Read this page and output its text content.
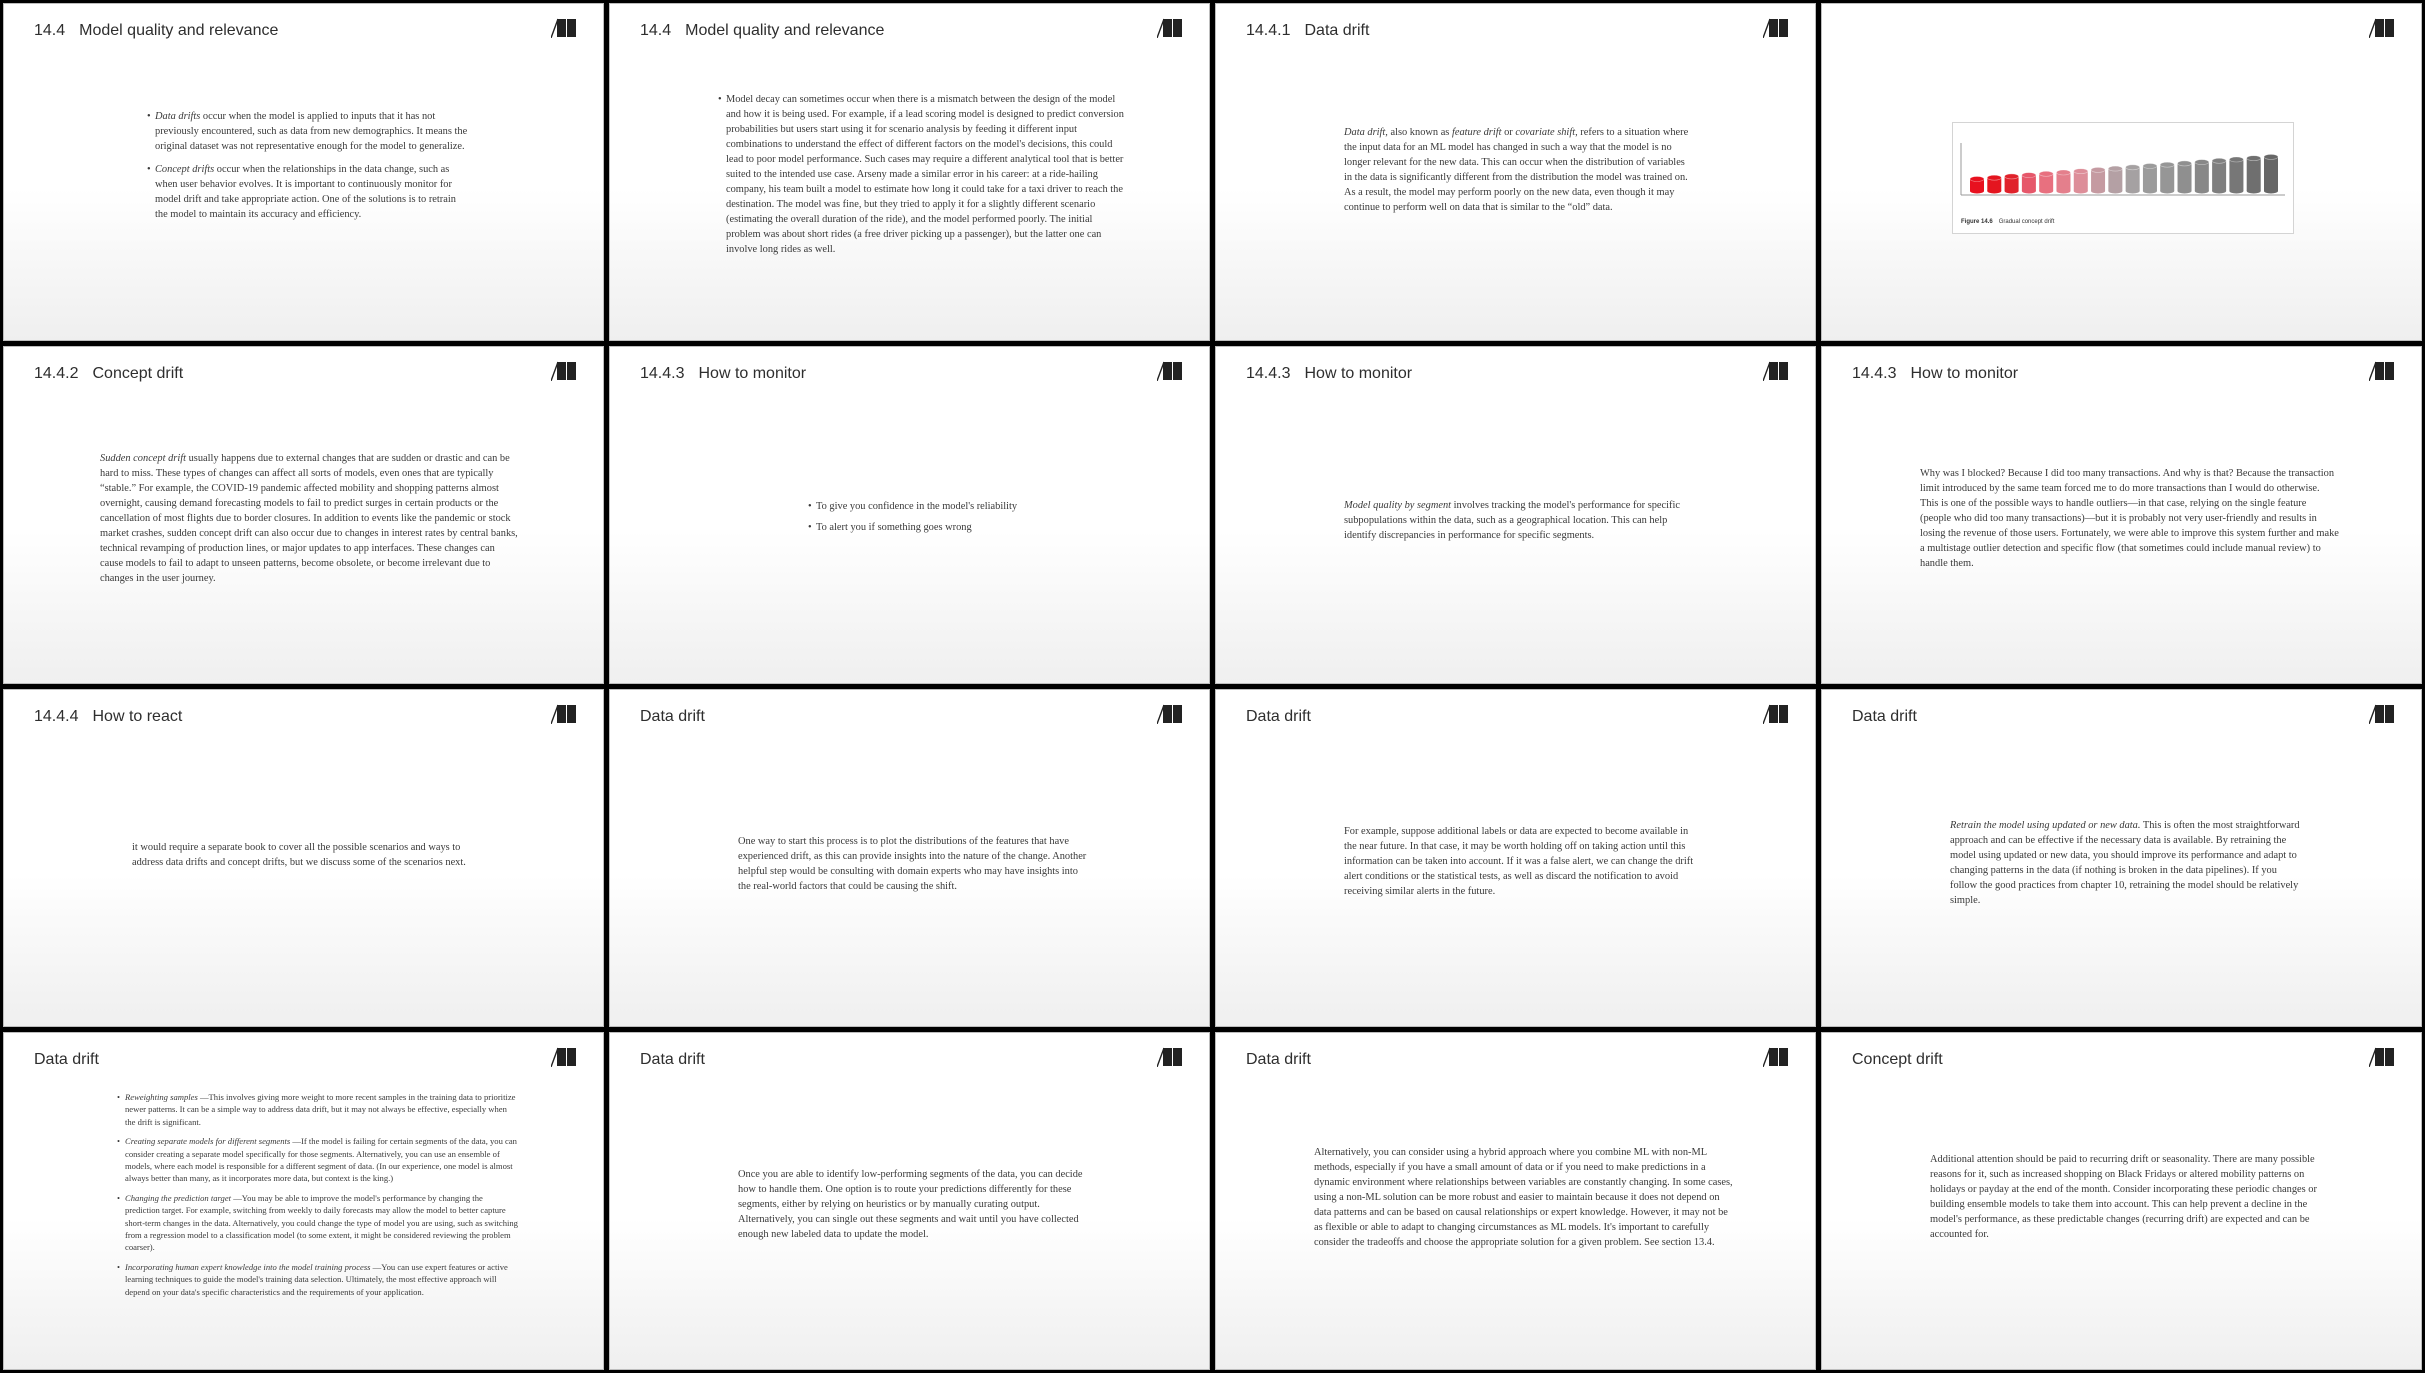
14.4 Model quality and relevance
• Data drifts occur when the model is applied to inputs that it has not previously encountered, such as data from new demographics. It means the original dataset was not representative enough for the model to generalize.
• Concept drifts occur when the relationships in the data change, such as when user behavior evolves. It is important to continuously monitor for model drift and take appropriate action. One of the solutions is to retrain the model to maintain its accuracy and efficiency.
14.4 Model quality and relevance
• Model decay can sometimes occur when there is a mismatch between the design of the model and how it is being used. For example, if a lead scoring model is designed to predict conversion probabilities but users start using it for scenario analysis by feeding it different input combinations to understand the effect of different factors on the model's decisions, this could lead to poor model performance. Such cases may require a different analytical tool that is better suited to the intended use case. Arseny made a similar error in his career: at a ride-hailing company, his team built a model to estimate how long it could take for a taxi driver to reach the destination. The model was fine, but they tried to apply it for a slightly different scenario (estimating the overall duration of the ride), and the model performed poorly. The initial problem was about short rides (a free driver picking up a passenger), but the latter one can involve long rides as well.
14.4.1 Data drift

Data drift, also known as feature drift or covariate shift, refers to a situation where the input data for an ML model has changed in such a way that the model is no longer relevant for the new data. This can occur when the distribution of variables in the data is significantly different from the distribution the model was trained on. As a result, the model may perform poorly on the new data, even though it may continue to perform well on data that is similar to the “old” data.

Figure 14.6 Gradual concept drift
14.4.2 Concept drift

Sudden concept drift usually happens due to external changes that are sudden or drastic and can be hard to miss. These types of changes can affect all sorts of models, even ones that are typically “stable.” For example, the COVID-19 pandemic affected mobility and shopping patterns almost overnight, causing demand forecasting models to fail to predict surges in certain products or the cancellation of most flights due to border closures. In addition to events like the pandemic or stock market crashes, sudden concept drift can also occur due to changes in interest rates by central banks, technical revamping of production lines, or major updates to app interfaces. These changes can cause models to fail to adapt to unseen patterns, become obsolete, or become irrelevant due to changes in the user journey.

14.4.3 How to monitor
• To give you confidence in the model's reliability
• To alert you if something goes wrong
14.4.3 How to monitor

Model quality by segment involves tracking the model's performance for specific subpopulations within the data, such as a geographical location. This can help identify discrepancies in performance for specific segments.

14.4.3 How to monitor

Why was I blocked? Because I did too many transactions. And why is that? Because the transaction limit introduced by the same team forced me to do more transactions than I would do otherwise. This is one of the possible ways to handle outliers—in that case, relying on the single feature (people who did too many transactions)—but it is probably not very user-friendly and results in losing the revenue of those users. Fortunately, we were able to improve this system further and make a multistage outlier detection and specific flow (that sometimes could include manual review) to handle them.

14.4.4 How to react

it would require a separate book to cover all the possible scenarios and ways to address data drifts and concept drifts, but we discuss some of the scenarios next.

Data drift

One way to start this process is to plot the distributions of the features that have experienced drift, as this can provide insights into the nature of the change. Another helpful step would be consulting with domain experts who may have insights into the real-world factors that could be causing the shift.

Data drift

For example, suppose additional labels or data are expected to become available in the near future. In that case, it may be worth holding off on taking action until this information can be taken into account. If it was a false alert, we can change the drift alert conditions or the statistical tests, as well as discard the notification to avoid receiving similar alerts in the future.

Data drift

Retrain the model using updated or new data. This is often the most straightforward approach and can be effective if the necessary data is available. By retraining the model using updated or new data, you should improve its performance and adapt to changing patterns in the data (if nothing is broken in the data pipelines). If you follow the good practices from chapter 10, retraining the model should be relatively simple.

Data drift
• Reweighting samples —This involves giving more weight to more recent samples in the training data to prioritize newer patterns. It can be a simple way to address data drift, but it may not always be effective, especially when the drift is significant.
• Creating separate models for different segments —If the model is failing for certain segments of the data, you can consider creating a separate model specifically for those segments. Alternatively, you can use an ensemble of models, where each model is responsible for a different segment of data. (In our experience, one model is almost always better than many, as it incorporates more data, but context is the king.)
• Changing the prediction target —You may be able to improve the model's performance by changing the prediction target. For example, switching from weekly to daily forecasts may allow the model to better capture short-term changes in the data. Alternatively, you could change the type of model you are using, such as switching from a regression model to a classification model (to some extent, it might be considered reviewing the problem coarser).
• Incorporating human expert knowledge into the model training process —You can use expert features or active learning techniques to guide the model's training data selection. Ultimately, the most effective approach will depend on your data's specific characteristics and the requirements of your application.
Data drift

Once you are able to identify low-performing segments of the data, you can decide how to handle them. One option is to route your predictions differently for these segments, either by relying on heuristics or by manually curating output. Alternatively, you can single out these segments and wait until you have collected enough new labeled data to update the model.

Data drift

Alternatively, you can consider using a hybrid approach where you combine ML with non-ML methods, especially if you have a small amount of data or if you need to make predictions in a dynamic environment where relationships between variables are constantly changing. In some cases, using a non-ML solution can be more robust and easier to maintain because it does not depend on data patterns and can be based on causal relationships or expert knowledge. However, it may not be as flexible or able to adapt to changing circumstances as ML models. It's important to carefully consider the tradeoffs and choose the appropriate solution for a given problem. See section 13.4.

Concept drift

Additional attention should be paid to recurring drift or seasonality. There are many possible reasons for it, such as increased shopping on Black Fridays or altered mobility patterns on holidays or payday at the end of the month. Consider incorporating these periodic changes or building ensemble models to take them into account. This can help prevent a decline in the model's performance, as these predictable changes (recurring drift) are expected and can be accounted for.
